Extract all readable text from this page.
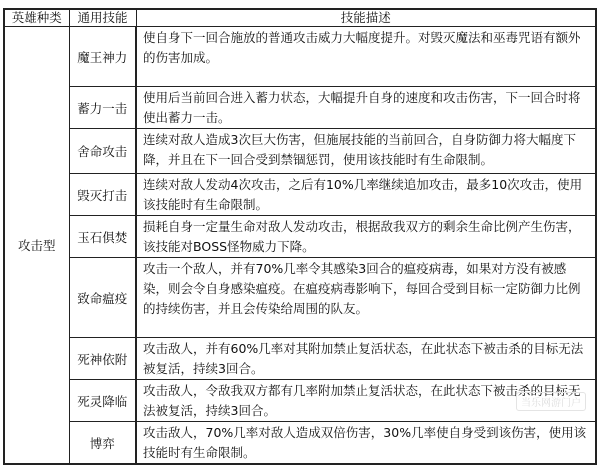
英雄种类	通用技能	技能描述
攻击型	魔王神力	使自身下一回合施放的普通攻击威力大幅度提升。对毁灭魔法和巫毒咒语有额外的伤害加成。
	蓄力一击	使用后当前回合进入蓄力状态，大幅提升自身的速度和攻击伤害，下一回合时将使出蓄力一击。
	舍命攻击	连续对敌人造成3次巨大伤害，但施展技能的当前回合，自身防御力将大幅度下降，并且在下一回合受到禁锢惩罚，使用该技能时有生命限制。
	毁灭打击	连续对敌人发动4次攻击，之后有10%几率继续追加攻击，最多10次攻击，使用该技能时有生命限制。
	玉石俱焚	损耗自身一定量生命对敌人发动攻击，根据敌我双方的剩余生命比例产生伤害，该技能对BOSS怪物威力下降。
	致命瘟疫	攻击一个敌人，并有70%几率令其感染3回合的瘟疫病毒，如果对方没有被感染，则会令自身感染瘟疫。在瘟疫病毒影响下，每回合受到目标一定防御力比例的持续伤害，并且会传染给周围的队友。
	死神依附	攻击敌人，并有60%几率对其附加禁止复活状态，在此状态下被击杀的目标无法被复活，持续3回合。
	死灵降临	攻击敌人，令敌我双方都有几率附加禁止复活状态，在此状态下被击杀的目标无法被复活，持续3回合。
	博弈	攻击敌人，70%几率对敌人造成双倍伤害，30%几率使自身受到该伤害，使用该技能时有生命限制。
当乐网游门户
